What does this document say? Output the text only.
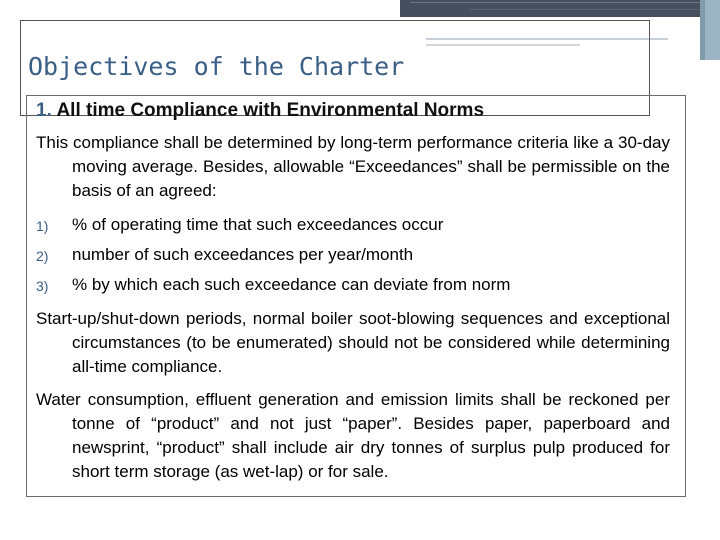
Objectives of the Charter
1. All time Compliance with Environmental Norms
This compliance shall be determined by long-term performance criteria like a 30-day moving average. Besides, allowable “Exceedances” shall be permissible on the basis of an agreed:
1) % of operating time that such exceedances occur
2) number of such exceedances per year/month
3) % by which each such exceedance can deviate from norm
Start-up/shut-down periods, normal boiler soot-blowing sequences and exceptional circumstances (to be enumerated) should not be considered while determining all-time compliance.
Water consumption, effluent generation and emission limits shall be reckoned per tonne of “product” and not just “paper”. Besides paper, paperboard and newsprint, “product” shall include air dry tonnes of surplus pulp produced for short term storage (as wet-lap) or for sale.
